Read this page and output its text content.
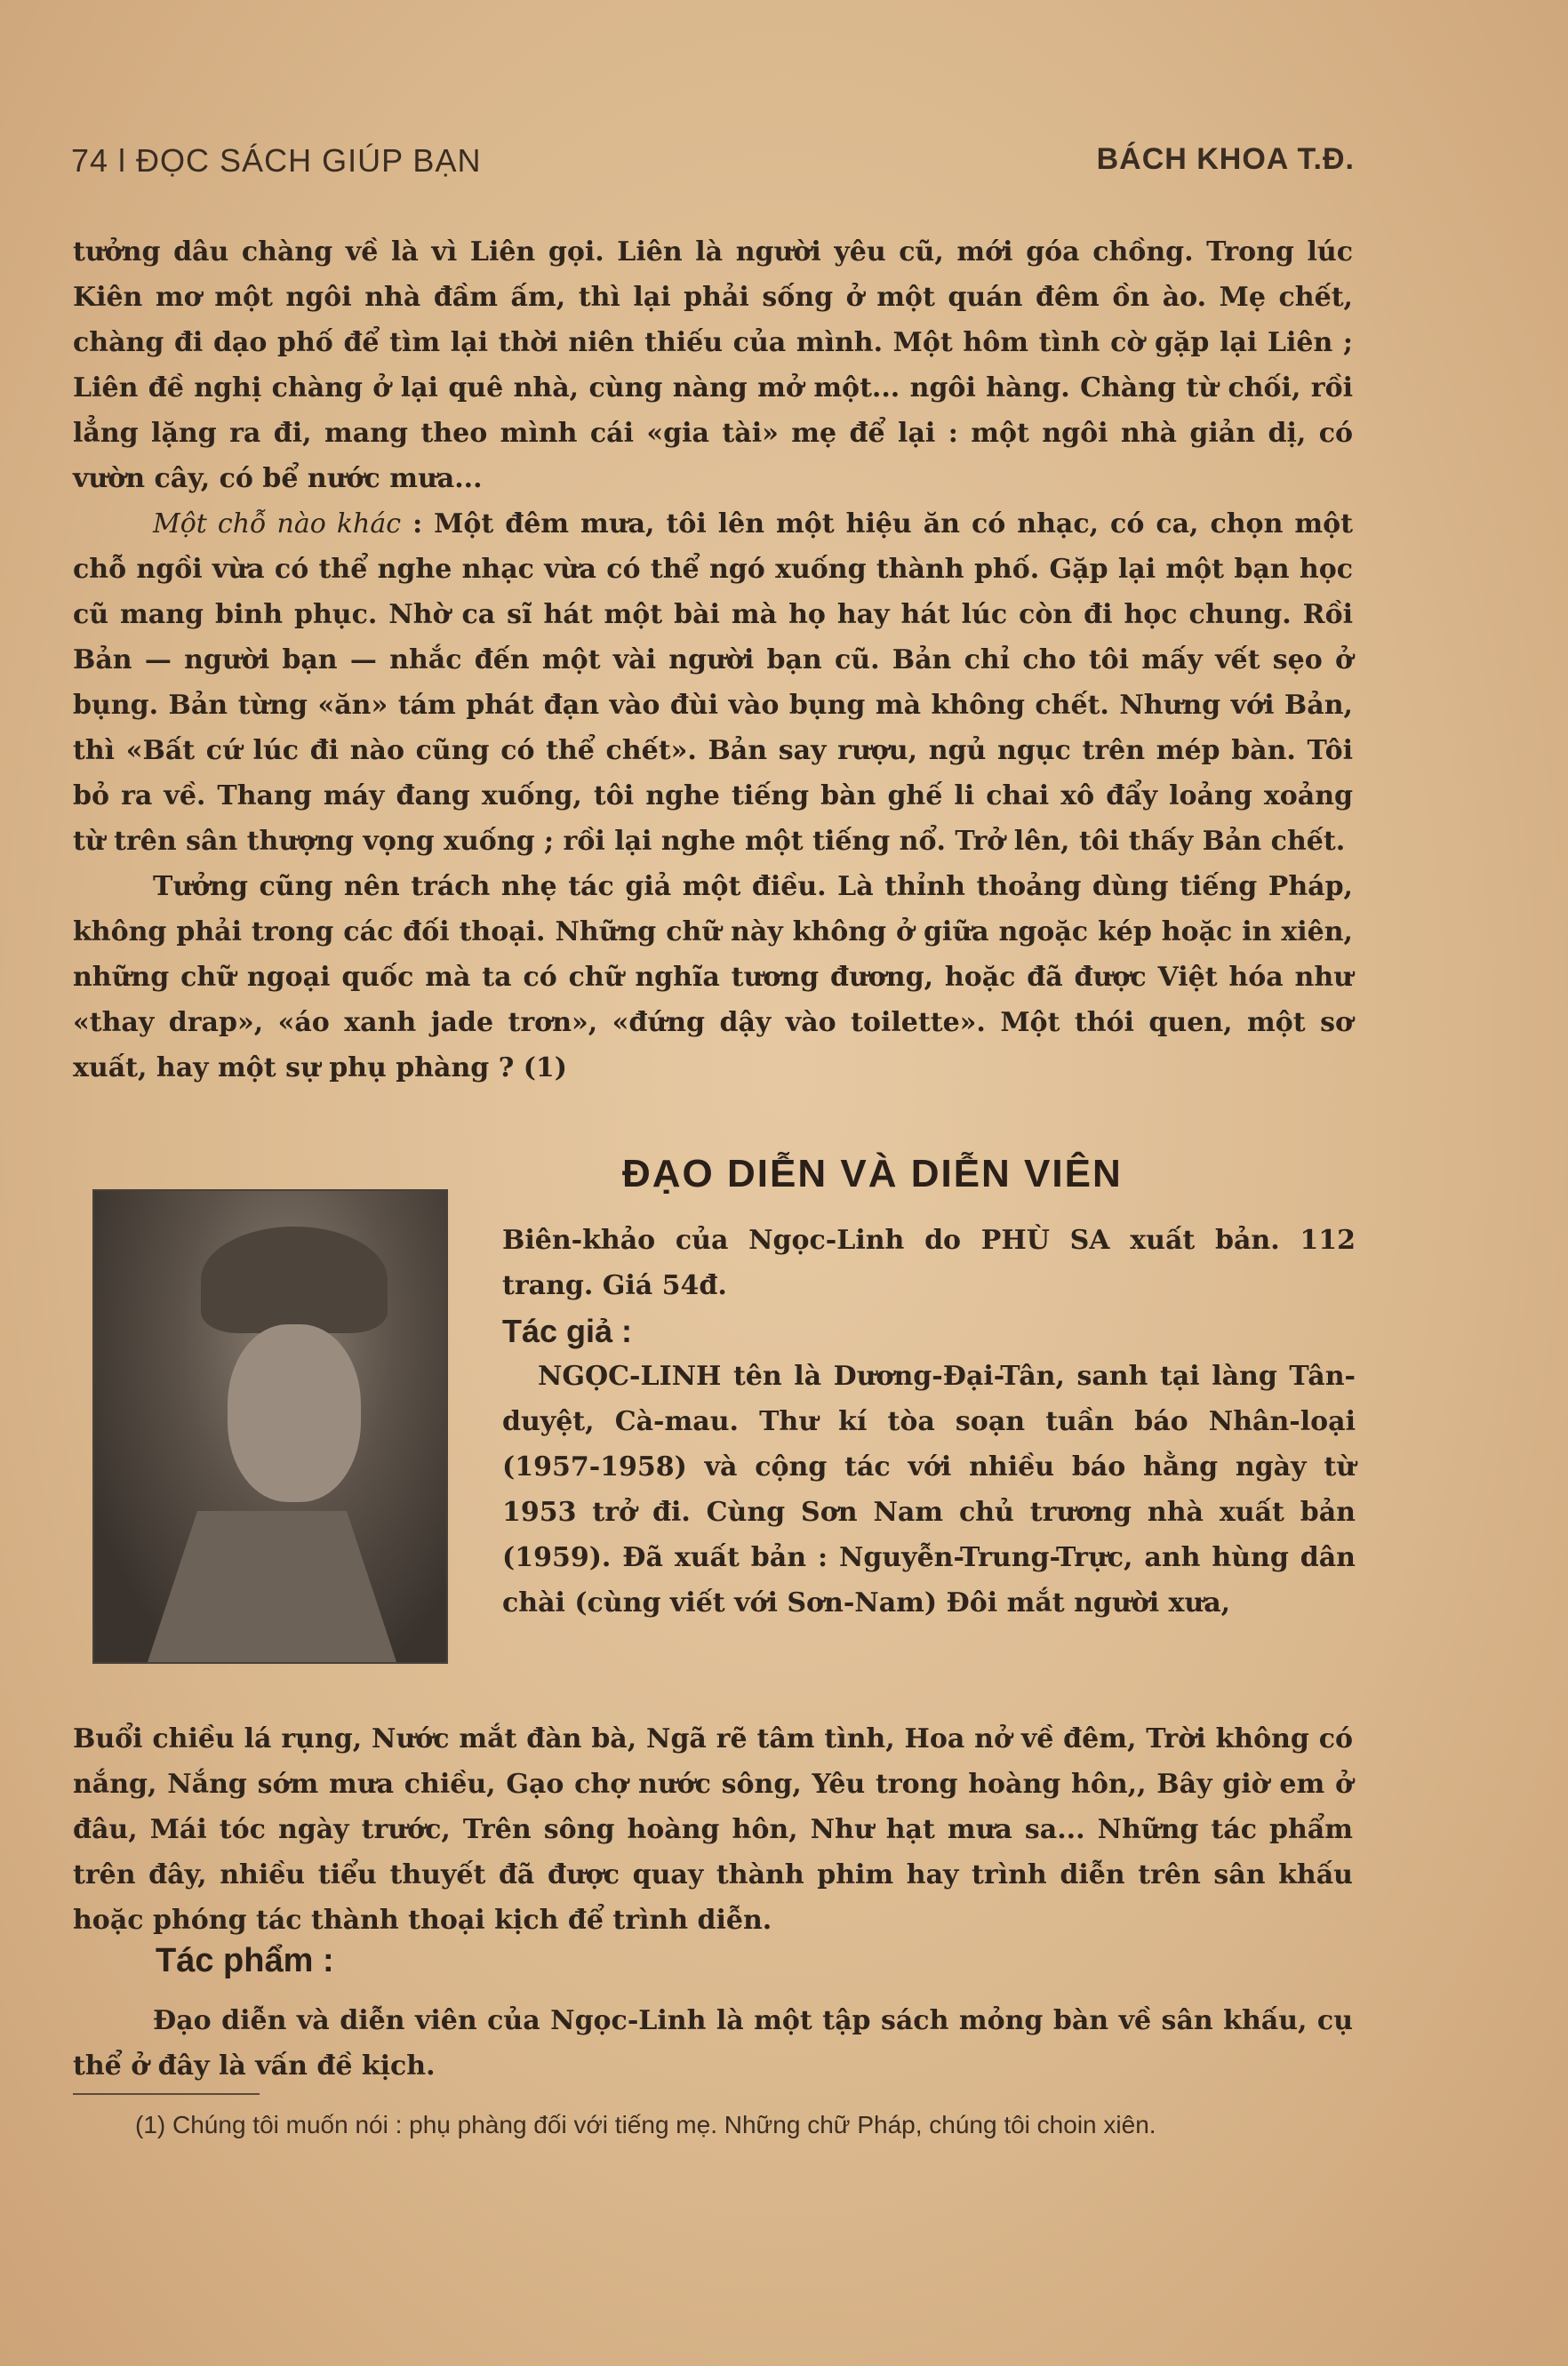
74 l ĐỌC SÁCH GIÚP BẠN	BÁCH KHOA T.Đ.

tưởng dâu chàng về là vì Liên gọi. Liên là người yêu cũ, mới góa chồng. Trong lúc Kiên mơ một ngôi nhà đầm ấm, thì lại phải sống ở một quán đêm ồn ào. Mẹ chết, chàng đi dạo phố để tìm lại thời niên thiếu của mình. Một hôm tình cờ gặp lại Liên ; Liên đề nghị chàng ở lại quê nhà, cùng nàng mở một... ngôi hàng. Chàng từ chối, rồi lẳng lặng ra đi, mang theo mình cái «gia tài» mẹ để lại : một ngôi nhà giản dị, có vườn cây, có bể nước mưa...

Một chỗ nào khác : Một đêm mưa, tôi lên một hiệu ăn có nhạc, có ca, chọn một chỗ ngồi vừa có thể nghe nhạc vừa có thể ngó xuống thành phố. Gặp lại một bạn học cũ mang binh phục. Nhờ ca sĩ hát một bài mà họ hay hát lúc còn đi học chung. Rồi Bản — người bạn — nhắc đến một vài người bạn cũ. Bản chỉ cho tôi mấy vết sẹo ở bụng. Bản từng «ăn» tám phát đạn vào đùi vào bụng mà không chết. Nhưng với Bản, thì «Bất cứ lúc đi nào cũng có thể chết». Bản say rượu, ngủ ngục trên mép bàn. Tôi bỏ ra về. Thang máy đang xuống, tôi nghe tiếng bàn ghế li chai xô đẩy loảng xoảng từ trên sân thượng vọng xuống ; rồi lại nghe một tiếng nổ. Trở lên, tôi thấy Bản chết.

Tưởng cũng nên trách nhẹ tác giả một điều. Là thỉnh thoảng dùng tiếng Pháp, không phải trong các đối thoại. Những chữ này không ở giữa ngoặc kép hoặc in xiên, những chữ ngoại quốc mà ta có chữ nghĩa tương đương, hoặc đã được Việt hóa như «thay drap», «áo xanh jade trơn», «đứng dậy vào toilette». Một thói quen, một sơ xuất, hay một sự phụ phàng ? (1)

ĐẠO DIỄN VÀ DIỄN VIÊN

Biên-khảo của Ngọc-Linh do PHÙ SA xuất bản. 112 trang. Giá 54đ.

Tác giả :

NGỌC-LINH tên là Dương-Đại-Tân, sanh tại làng Tân-duyệt, Cà-mau. Thư kí tòa soạn tuần báo Nhân-loại (1957-1958) và cộng tác với nhiều báo hằng ngày từ 1953 trở đi. Cùng Sơn Nam chủ trương nhà xuất bản (1959). Đã xuất bản : Nguyễn-Trung-Trực, anh hùng dân chài (cùng viết với Sơn-Nam) Đôi mắt người xưa,

Buổi chiều lá rụng, Nước mắt đàn bà, Ngã rẽ tâm tình, Hoa nở về đêm, Trời không có nắng, Nắng sớm mưa chiều, Gạo chợ nước sông, Yêu trong hoàng hôn,, Bây giờ em ở đâu, Mái tóc ngày trước, Trên sông hoàng hôn, Như hạt mưa sa... Những tác phẩm trên đây, nhiều tiểu thuyết đã được quay thành phim hay trình diễn trên sân khấu hoặc phóng tác thành thoại kịch để trình diễn.

Tác phẩm :

Đạo diễn và diễn viên của Ngọc-Linh là một tập sách mỏng bàn về sân khấu, cụ thể ở đây là vấn đề kịch.

(1) Chúng tôi muốn nói : phụ phàng đối với tiếng mẹ. Những chữ Pháp, chúng tôi choin xiên.
